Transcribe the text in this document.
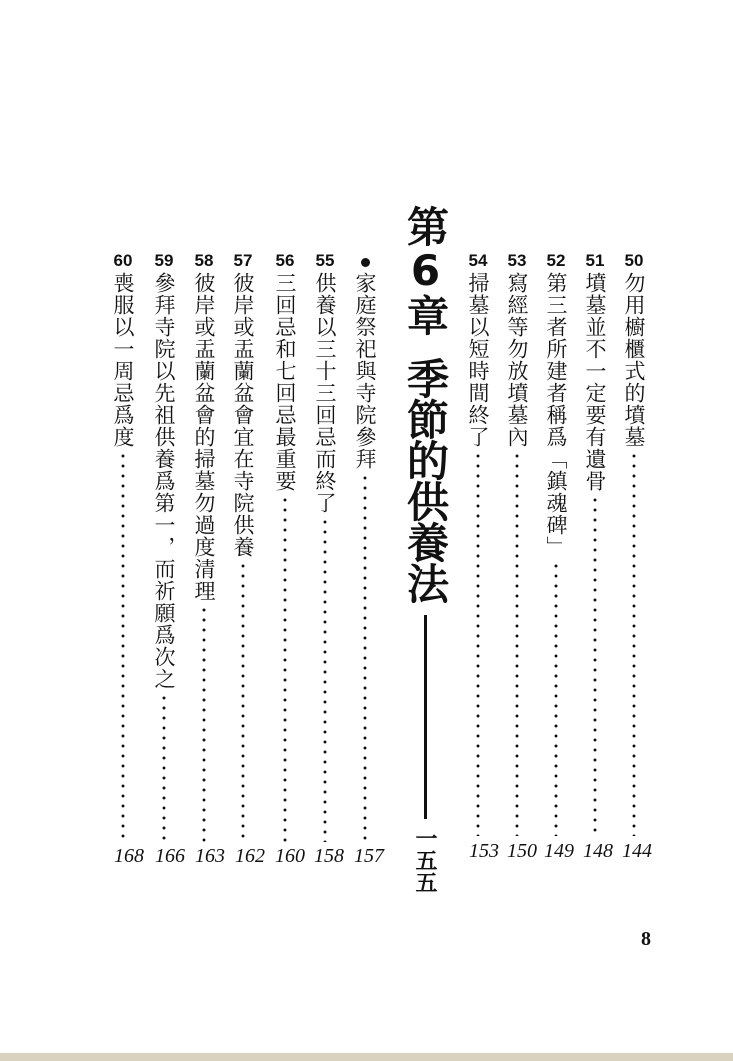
50
勿用櫥櫃式的墳墓
51
墳墓並不一定要有遺骨
52
第三者所建者稱爲「鎮魂碑」
53
寫經等勿放墳墓內
54
掃墓以短時間終了
第6章季節的供養法
一五五
家庭祭祀與寺院參拜
55
供養以三十三回忌而終了
56
三回忌和七回忌最重要
57
彼岸或盂蘭盆會宜在寺院供養
58
彼岸或盂蘭盆會的掃墓勿過度清理
59
參拜寺院以先祖供養爲第一，而祈願爲次之
60
喪服以一周忌爲度
144
148
149
150
153
157
158
160
162
163
166
168
8
